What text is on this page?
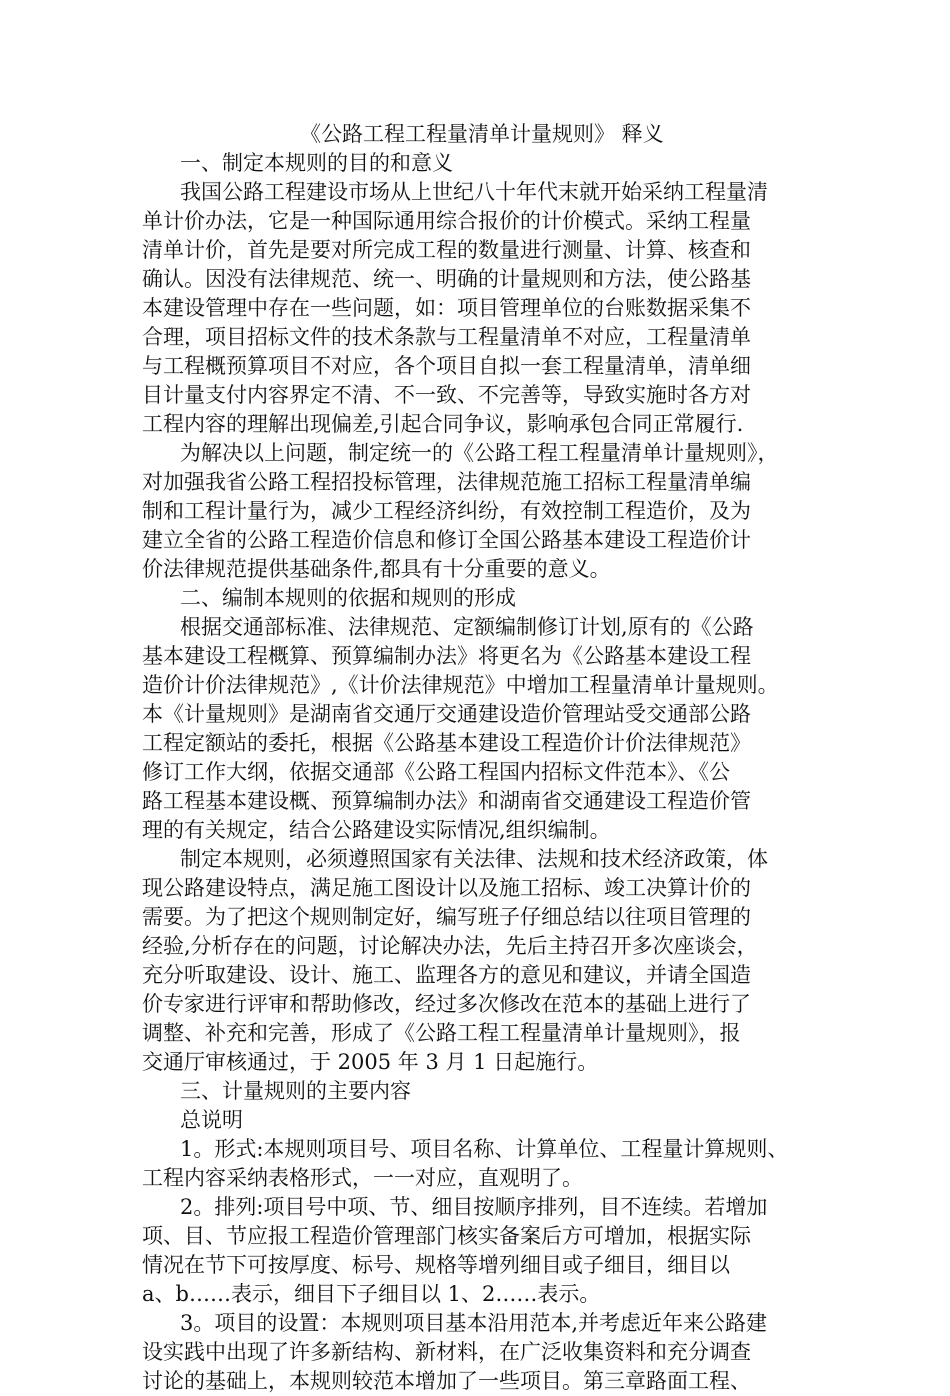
《公路工程工程量清单计量规则》 释义
一、制定本规则的目的和意义
我国公路工程建设市场从上世纪八十年代末就开始采纳工程量清
单计价办法，它是一种国际通用综合报价的计价模式。采纳工程量
清单计价，首先是要对所完成工程的数量进行测量、计算、核查和
确认。因没有法律规范、统一、明确的计量规则和方法，使公路基
本建设管理中存在一些问题，如：项目管理单位的台账数据采集不
合理，项目招标文件的技术条款与工程量清单不对应，工程量清单
与工程概预算项目不对应，各个项目自拟一套工程量清单，清单细
目计量支付内容界定不清、不一致、不完善等，导致实施时各方对
工程内容的理解出现偏差,引起合同争议，影响承包合同正常履行.
为解决以上问题，制定统一的《公路工程工程量清单计量规则》，
对加强我省公路工程招投标管理，法律规范施工招标工程量清单编
制和工程计量行为，减少工程经济纠纷，有效控制工程造价，及为
建立全省的公路工程造价信息和修订全国公路基本建设工程造价计
价法律规范提供基础条件,都具有十分重要的意义。
二、编制本规则的依据和规则的形成
根据交通部标准、法律规范、定额编制修订计划,原有的《公路
基本建设工程概算、预算编制办法》将更名为《公路基本建设工程
造价计价法律规范》,《计价法律规范》中增加工程量清单计量规则。
本《计量规则》是湖南省交通厅交通建设造价管理站受交通部公路
工程定额站的委托，根据《公路基本建设工程造价计价法律规范》
修订工作大纲，依据交通部《公路工程国内招标文件范本》、《公
路工程基本建设概、预算编制办法》和湖南省交通建设工程造价管
理的有关规定，结合公路建设实际情况,组织编制。
制定本规则，必须遵照国家有关法律、法规和技术经济政策，体
现公路建设特点，满足施工图设计以及施工招标、竣工决算计价的
需要。为了把这个规则制定好，编写班子仔细总结以往项目管理的
经验,分析存在的问题，讨论解决办法，先后主持召开多次座谈会，
充分听取建设、设计、施工、监理各方的意见和建议，并请全国造
价专家进行评审和帮助修改，经过多次修改在范本的基础上进行了
调整、补充和完善，形成了《公路工程工程量清单计量规则》，报
交通厅审核通过，于 2005 年 3 月 1 日起施行。
三、计量规则的主要内容
总说明
1。形式:本规则项目号、项目名称、计算单位、工程量计算规则、
工程内容采纳表格形式，一一对应，直观明了。
2。排列:项目号中项、节、细目按顺序排列，目不连续。若增加
项、目、节应报工程造价管理部门核实备案后方可增加，根据实际
情况在节下可按厚度、标号、规格等增列细目或子细目，细目以
a、b……表示，细目下子细目以 1、2……表示。
3。项目的设置：本规则项目基本沿用范本,并考虑近年来公路建
设实践中出现了许多新结构、新材料，在广泛收集资料和充分调查
讨论的基础上，本规则较范本增加了一些项目。第三章路面工程、
